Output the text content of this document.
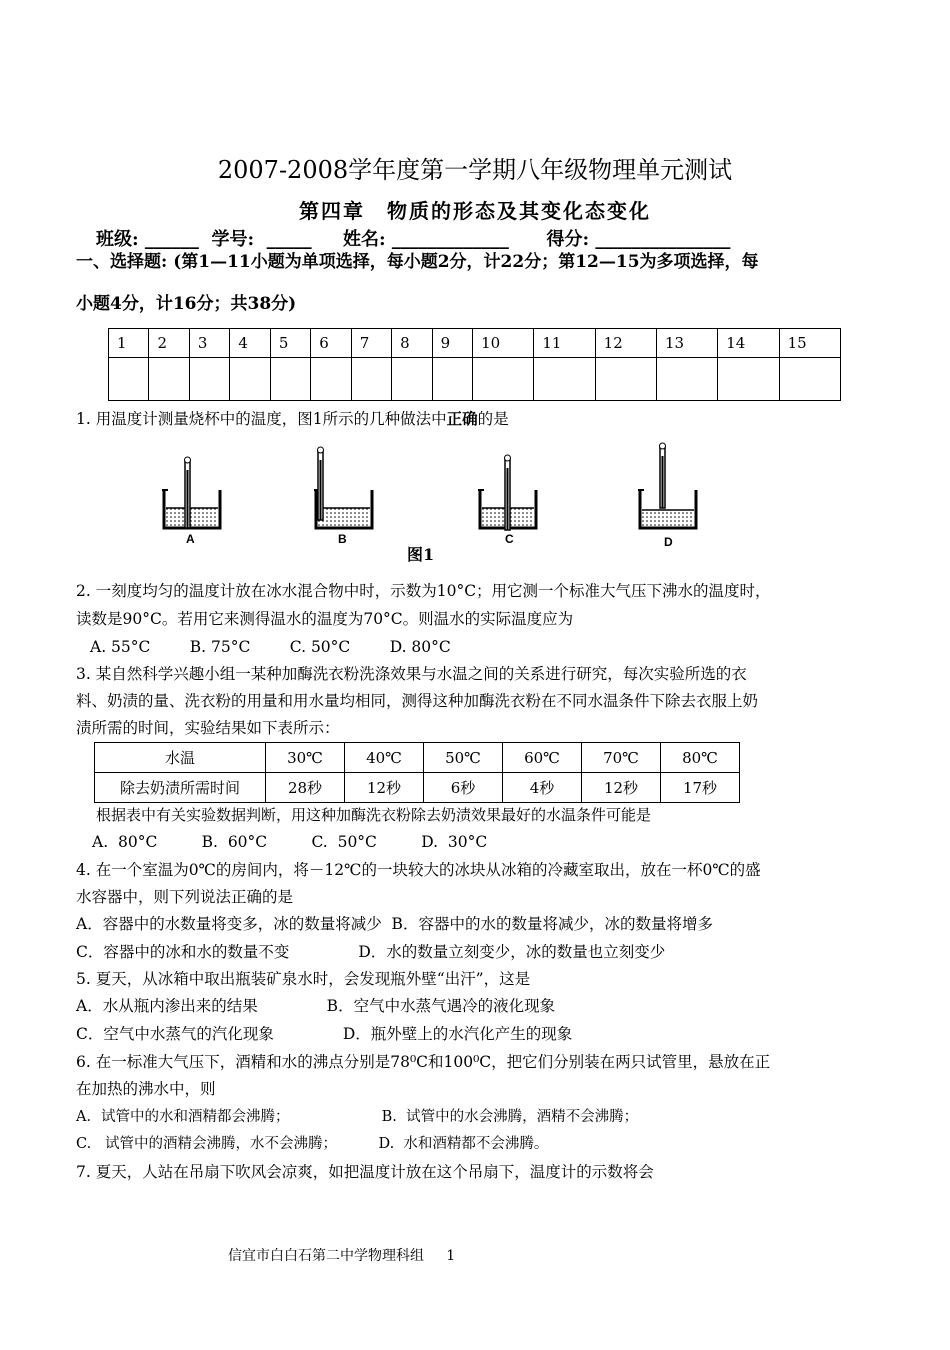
2007-2008学年度第一学期八年级物理单元测试
第四章　物质的形态及其变化态变化
班级: ______  学号:  _____     姓名: _____________      得分: _______________
一、选择题: (第1—11小题为单项选择，每小题2分，计22分；第12—15为多项选择，每
小题4分，计16分；共38分)
1	2	3	4	5	6	7	8	9	10	11	12	13	14	15

1. 用温度计测量烧杯中的温度，图1所示的几种做法中正确的是
A	B	C	D
图1
2. 一刻度均匀的温度计放在冰水混合物中时，示数为10°C；用它测一个标准大气压下沸水的温度时，
读数是90°C。若用它来测得温水的温度为70°C。则温水的实际温度应为
A. 55°C        B. 75°C        C. 50°C        D. 80°C
3. 某自然科学兴趣小组一某种加酶洗衣粉洗涤效果与水温之间的关系进行研究，每次实验所选的衣
料、奶渍的量、洗衣粉的用量和用水量均相同，测得这种加酶洗衣粉在不同水温条件下除去衣服上奶
渍所需的时间，实验结果如下表所示：
水温	30℃	40℃	50℃	60℃	70℃	80℃
除去奶渍所需时间	28秒	12秒	6秒	4秒	12秒	17秒
根据表中有关实验数据判断，用这种加酶洗衣粉除去奶渍效果最好的水温条件可能是
A.  80°C         B.  60°C         C.  50°C         D.  30°C
4. 在一个室温为0℃的房间内，将－12℃的一块较大的冰块从冰箱的冷藏室取出，放在一杯0℃的盛
水容器中，则下列说法正确的是
A．容器中的水数量将变多，冰的数量将减少  B．容器中的水的数量将减少，冰的数量将增多
C．容器中的冰和水的数量不变              D．水的数量立刻变少，冰的数量也立刻变少
5. 夏天，从冰箱中取出瓶装矿泉水时，会发现瓶外壁“出汗”，这是
A．水从瓶内渗出来的结果              B．空气中水蒸气遇冷的液化现象
C．空气中水蒸气的汽化现象              D．瓶外壁上的水汽化产生的现象
6. 在一标准大气压下，酒精和水的沸点分别是78⁰C和100⁰C，把它们分别装在两只试管里，悬放在正
在加热的沸水中，则
A．试管中的水和酒精都会沸腾；                    B.  试管中的水会沸腾，酒精不会沸腾；
C.   试管中的酒精会沸腾，水不会沸腾；         D.  水和酒精都不会沸腾。
7. 夏天，人站在吊扇下吹风会凉爽，如把温度计放在这个吊扇下，温度计的示数将会
信宜市白白石第二中学物理科组     1
